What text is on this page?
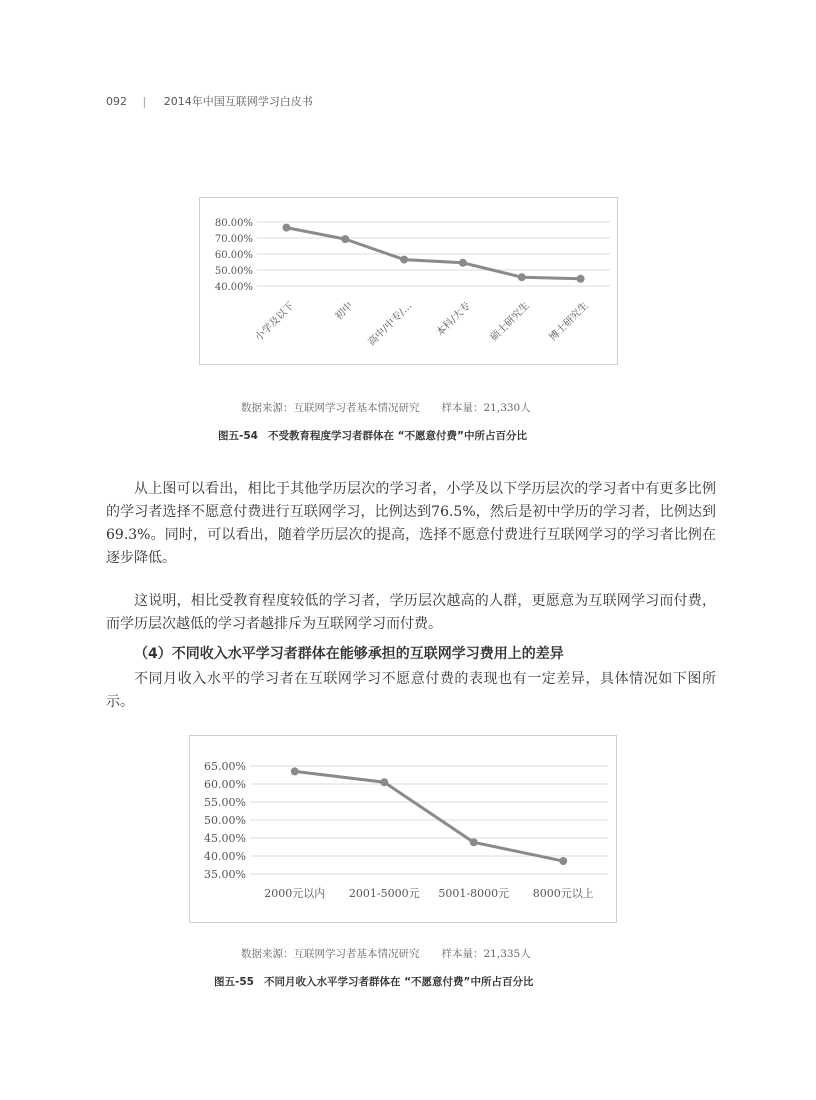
092 | 2014年中国互联网学习白皮书
80.00%
70.00%
60.00%
50.00%
40.00%
小学及以下	初中 高中/中专/… 本科/大专 硕士研究生 博士研究生
数据来源：互联网学习者基本情况研究 样本量：21,330人
图五-54 不受教育程度学习者群体在 “不愿意付费”中所占百分比

从上图可以看出，相比于其他学历层次的学习者，小学及以下学历层次的学习者中有更多比例的学习者选择不愿意付费进行互联网学习，比例达到76.5%，然后是初中学历的学习者，比例达到69.3%。同时，可以看出，随着学历层次的提高，选择不愿意付费进行互联网学习的学习者比例在逐步降低。

这说明，相比受教育程度较低的学习者，学历层次越高的人群，更愿意为互联网学习而付费，而学历层次越低的学习者越排斥为互联网学习而付费。

（4）不同收入水平学习者群体在能够承担的互联网学习费用上的差异

不同月收入水平的学习者在互联网学习不愿意付费的表现也有一定差异，具体情况如下图所示。

65.00%
60.00%
55.00%
50.00%
45.00%
40.00%
35.00%
2000元以内 2001-5000元 5001-8000元 8000元以上
数据来源：互联网学习者基本情况研究 样本量：21,335人
图五-55 不同月收入水平学习者群体在 “不愿意付费”中所占百分比
